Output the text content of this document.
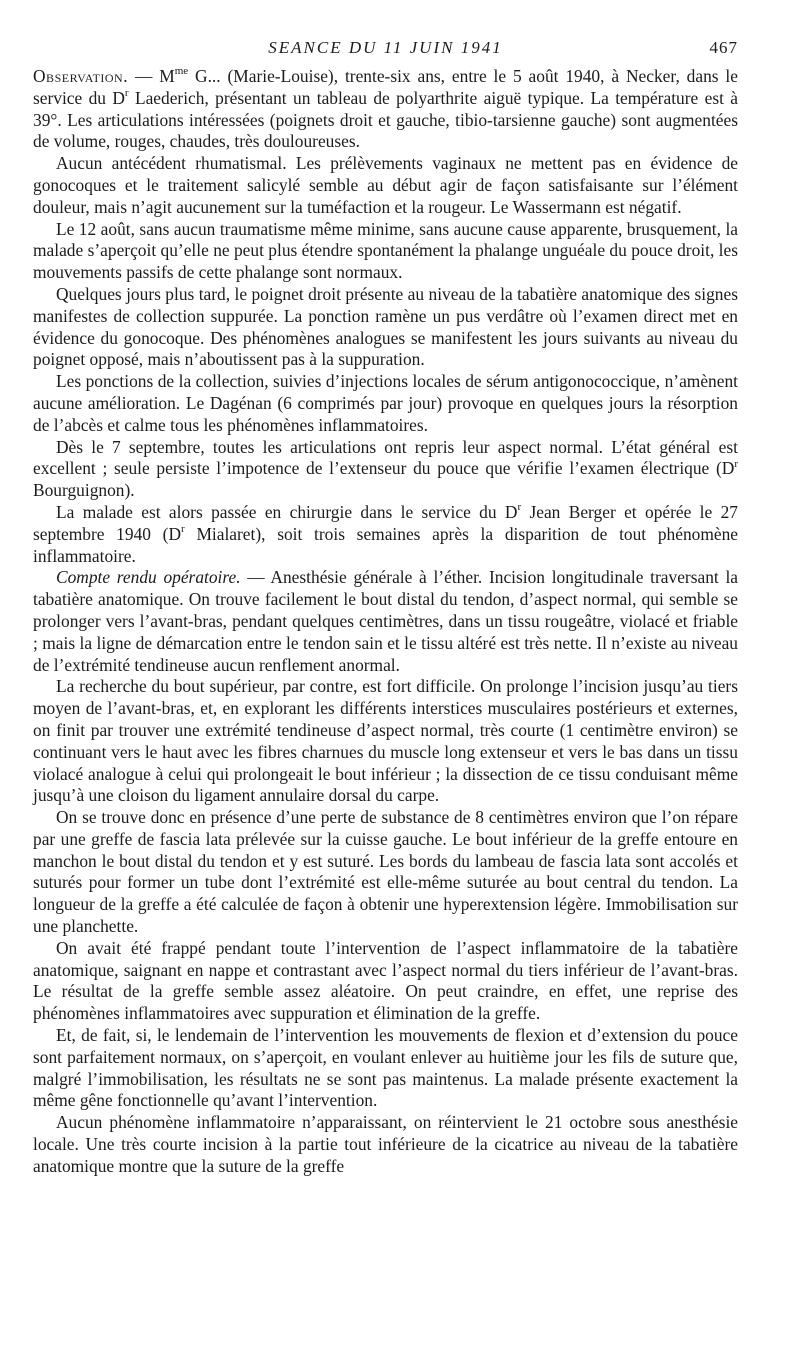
SEANCE DU 11 JUIN 1941	467

Observation. — $M^{me}$ G... (Marie-Louise), trente-six ans, entre le 5 août 1940, à Necker, dans le service du $D^r$ Laederich, présentant un tableau de polyarthrite aiguë typique. La température est à 39°. Les articulations intéressées (poignets droit et gauche, tibio-tarsienne gauche) sont augmentées de volume, rouges, chaudes, très douloureuses.

Aucun antécédent rhumatismal. Les prélèvements vaginaux ne mettent pas en évidence de gonocoques et le traitement salicylé semble au début agir de façon satisfaisante sur l’élément douleur, mais n’agit aucunement sur la tuméfaction et la rougeur. Le Wassermann est négatif.

Le 12 août, sans aucun traumatisme même minime, sans aucune cause apparente, brusquement, la malade s’aperçoit qu’elle ne peut plus étendre spontanément la phalange unguéale du pouce droit, les mouvements passifs de cette phalange sont normaux.

Quelques jours plus tard, le poignet droit présente au niveau de la tabatière anatomique des signes manifestes de collection suppurée. La ponction ramène un pus verdâtre où l’examen direct met en évidence du gonocoque. Des phénomènes analogues se manifestent les jours suivants au niveau du poignet opposé, mais n’aboutissent pas à la suppuration.

Les ponctions de la collection, suivies d’injections locales de sérum antigonococcique, n’amènent aucune amélioration. Le Dagénan (6 comprimés par jour) provoque en quelques jours la résorption de l’abcès et calme tous les phénomènes inflammatoires.

Dès le 7 septembre, toutes les articulations ont repris leur aspect normal. L’état général est excellent ; seule persiste l’impotence de l’extenseur du pouce que vérifie l’examen électrique ($D^r$ Bourguignon).

La malade est alors passée en chirurgie dans le service du $D^r$ Jean Berger et opérée le 27 septembre 1940 ($D^r$ Mialaret), soit trois semaines après la disparition de tout phénomène inflammatoire.

Compte rendu opératoire. — Anesthésie générale à l’éther. Incision longitudinale traversant la tabatière anatomique. On trouve facilement le bout distal du tendon, d’aspect normal, qui semble se prolonger vers l’avant-bras, pendant quelques centimètres, dans un tissu rougeâtre, violacé et friable ; mais la ligne de démarcation entre le tendon sain et le tissu altéré est très nette. Il n’existe au niveau de l’extrémité tendineuse aucun renflement anormal.

La recherche du bout supérieur, par contre, est fort difficile. On prolonge l’incision jusqu’au tiers moyen de l’avant-bras, et, en explorant les différents interstices musculaires postérieurs et externes, on finit par trouver une extrémité tendineuse d’aspect normal, très courte (1 centimètre environ) se continuant vers le haut avec les fibres charnues du muscle long extenseur et vers le bas dans un tissu violacé analogue à celui qui prolongeait le bout inférieur ; la dissection de ce tissu conduisant même jusqu’à une cloison du ligament annulaire dorsal du carpe.

On se trouve donc en présence d’une perte de substance de 8 centimètres environ que l’on répare par une greffe de fascia lata prélevée sur la cuisse gauche. Le bout inférieur de la greffe entoure en manchon le bout distal du tendon et y est suturé. Les bords du lambeau de fascia lata sont accolés et suturés pour former un tube dont l’extrémité est elle-même suturée au bout central du tendon. La longueur de la greffe a été calculée de façon à obtenir une hyperextension légère. Immobilisation sur une planchette.

On avait été frappé pendant toute l’intervention de l’aspect inflammatoire de la tabatière anatomique, saignant en nappe et contrastant avec l’aspect normal du tiers inférieur de l’avant-bras. Le résultat de la greffe semble assez aléatoire. On peut craindre, en effet, une reprise des phénomènes inflammatoires avec suppuration et élimination de la greffe.

Et, de fait, si, le lendemain de l’intervention les mouvements de flexion et d’extension du pouce sont parfaitement normaux, on s’aperçoit, en voulant enlever au huitième jour les fils de suture que, malgré l’immobilisation, les résultats ne se sont pas maintenus. La malade présente exactement la même gêne fonctionnelle qu’avant l’intervention.

Aucun phénomène inflammatoire n’apparaissant, on réintervient le 21 octobre sous anesthésie locale. Une très courte incision à la partie tout inférieure de la cicatrice au niveau de la tabatière anatomique montre que la suture de la greffe
